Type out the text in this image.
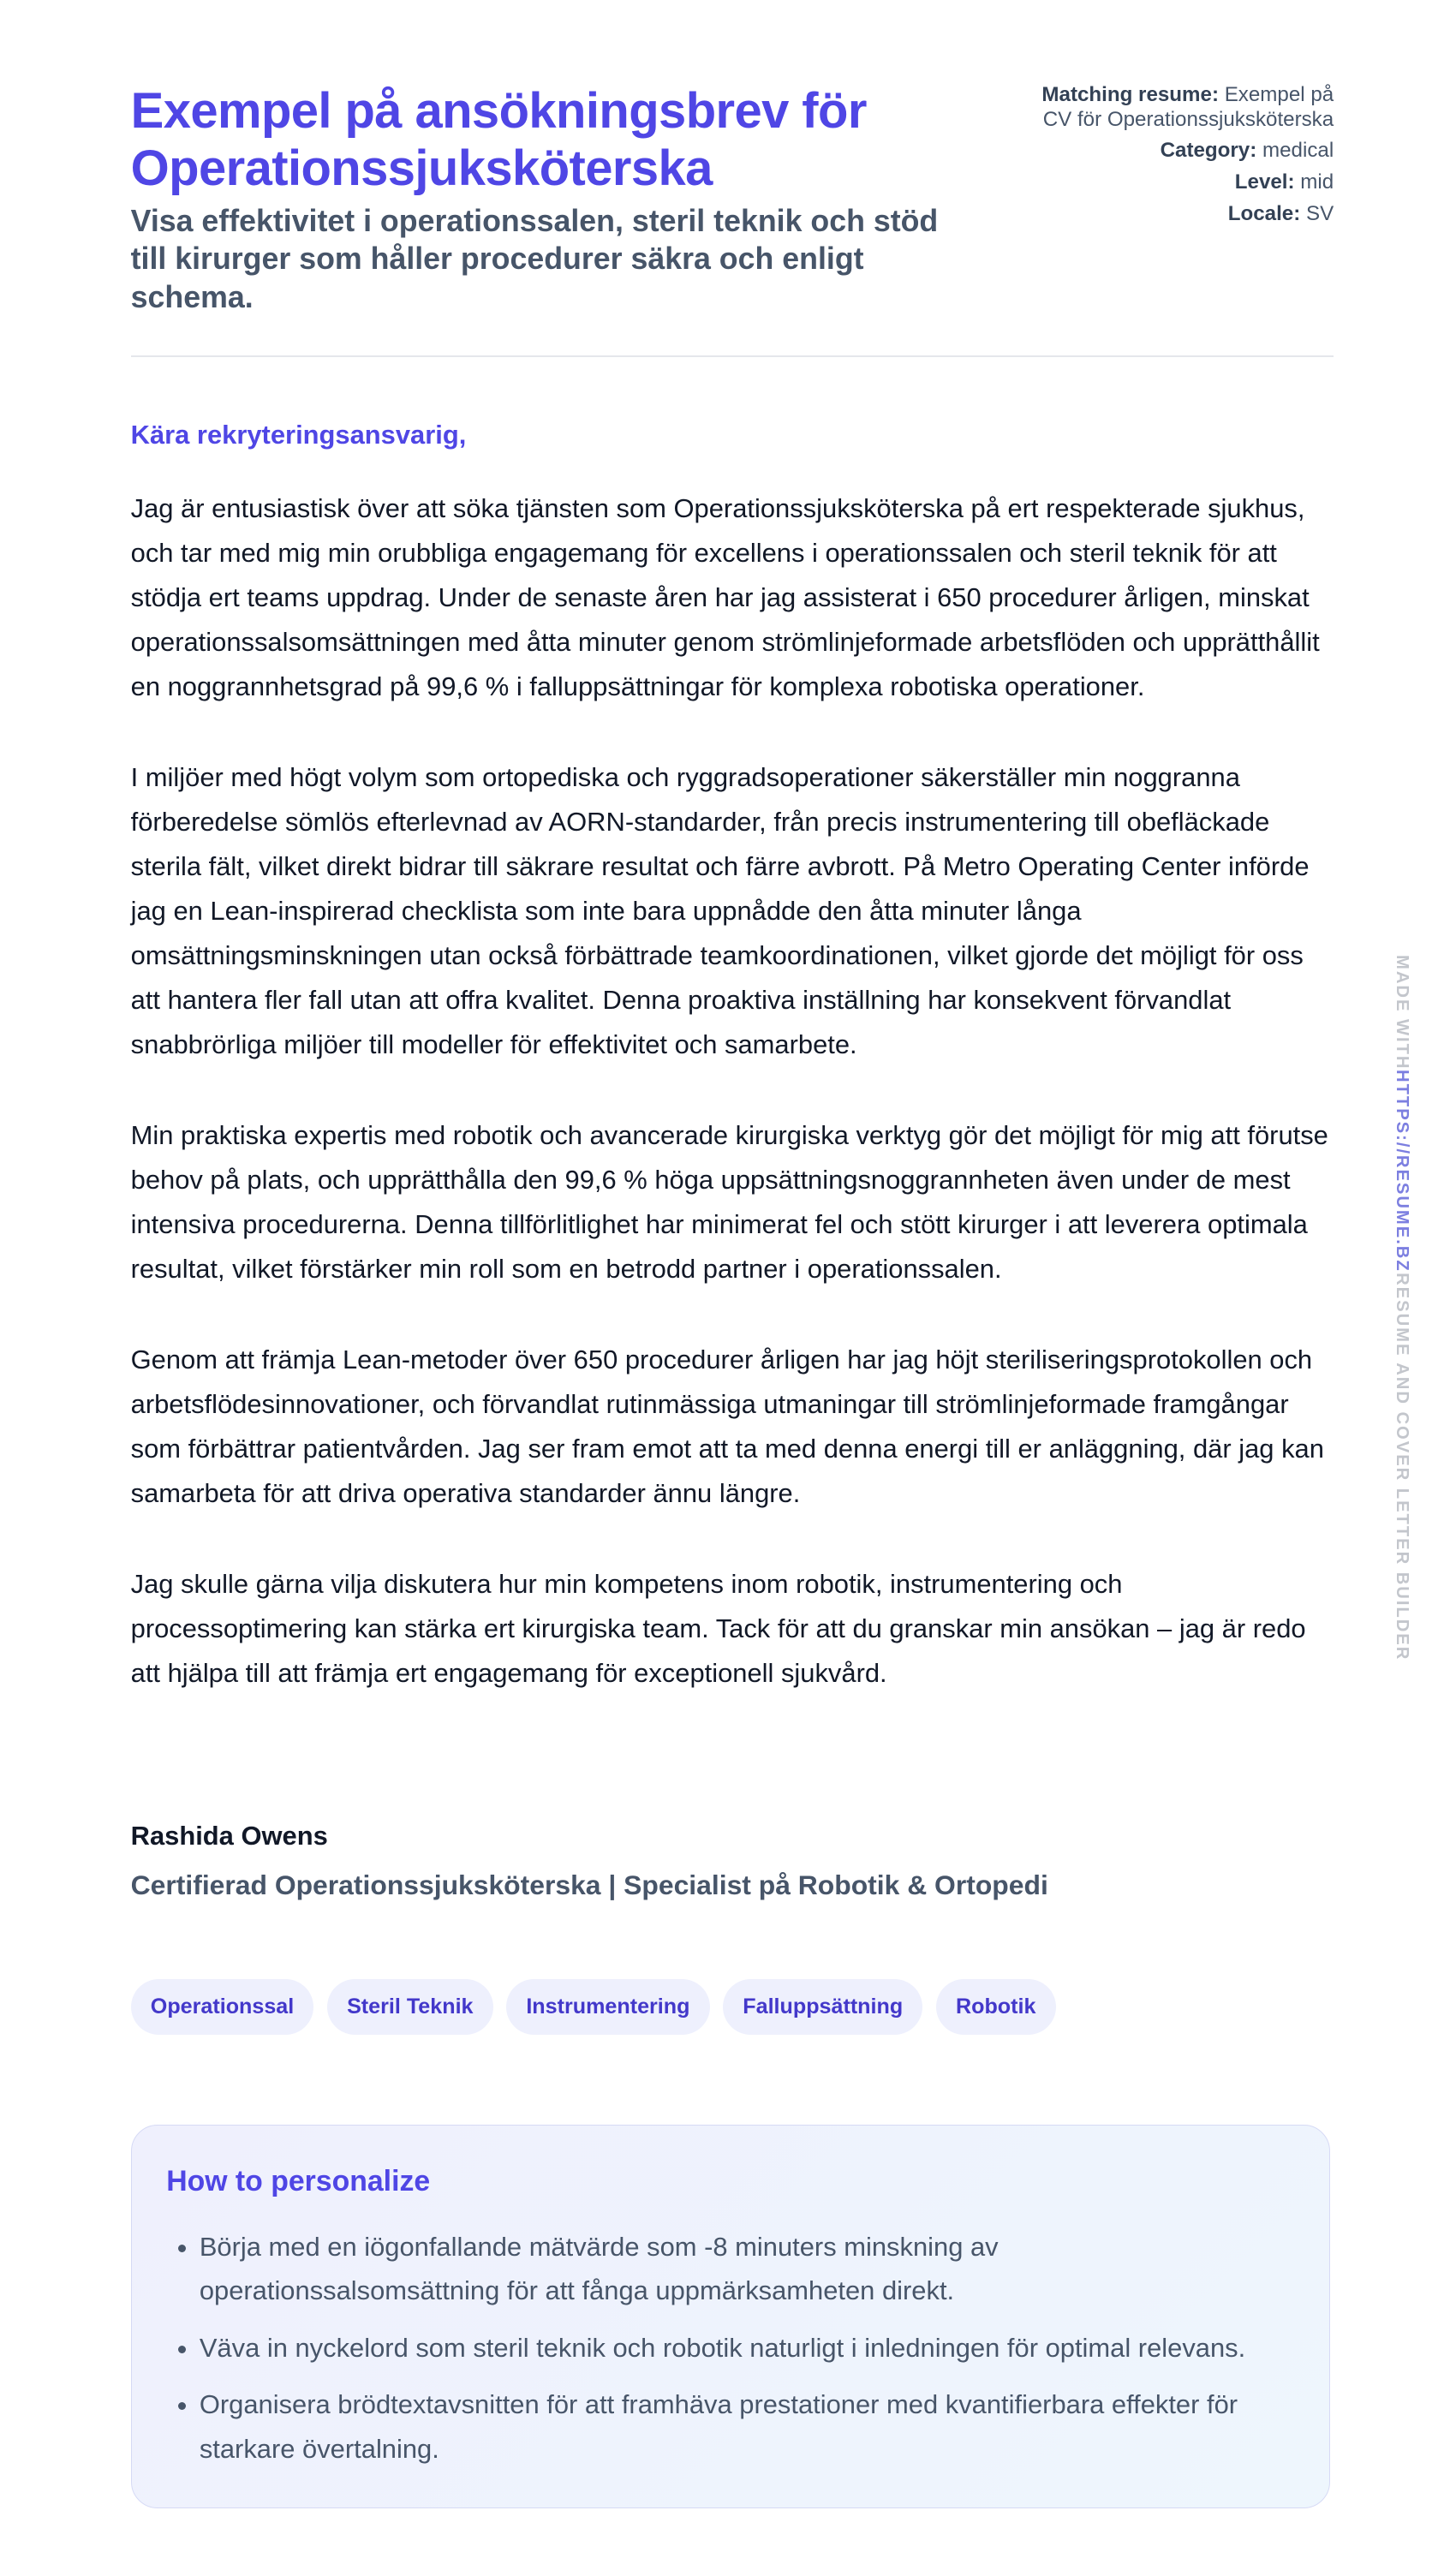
Exempel på ansökningsbrev för Operationssjuksköterska

Visa effektivitet i operationssalen, steril teknik och stöd till kirurger som håller procedurer säkra och enligt schema.

Matching resume: Exempel på CV för Operationssjuksköterska
Category: medical
Level: mid
Locale: SV

Kära rekryteringsansvarig,

Jag är entusiastisk över att söka tjänsten som Operationssjuksköterska på ert respekterade sjukhus, och tar med mig min orubbliga engagemang för excellens i operationssalen och steril teknik för att stödja ert teams uppdrag. Under de senaste åren har jag assisterat i 650 procedurer årligen, minskat operationssalsomsättningen med åtta minuter genom strömlinjeformade arbetsflöden och upprätthållit en noggrannhetsgrad på 99,6 % i falluppsättningar för komplexa robotiska operationer.

I miljöer med högt volym som ortopediska och ryggradsoperationer säkerställer min noggranna förberedelse sömlös efterlevnad av AORN-standarder, från precis instrumentering till obefläckade sterila fält, vilket direkt bidrar till säkrare resultat och färre avbrott. På Metro Operating Center införde jag en Lean-inspirerad checklista som inte bara uppnådde den åtta minuter långa omsättningsminskningen utan också förbättrade teamkoordinationen, vilket gjorde det möjligt för oss att hantera fler fall utan att offra kvalitet. Denna proaktiva inställning har konsekvent förvandlat snabbrörliga miljöer till modeller för effektivitet och samarbete.

Min praktiska expertis med robotik och avancerade kirurgiska verktyg gör det möjligt för mig att förutse behov på plats, och upprätthålla den 99,6 % höga uppsättningsnoggrannheten även under de mest intensiva procedurerna. Denna tillförlitlighet har minimerat fel och stött kirurger i att leverera optimala resultat, vilket förstärker min roll som en betrodd partner i operationssalen.

Genom att främja Lean-metoder över 650 procedurer årligen har jag höjt steriliseringsprotokollen och arbetsflödesinnovationer, och förvandlat rutinmässiga utmaningar till strömlinjeformade framgångar som förbättrar patientvården. Jag ser fram emot att ta med denna energi till er anläggning, där jag kan samarbeta för att driva operativa standarder ännu längre.

Jag skulle gärna vilja diskutera hur min kompetens inom robotik, instrumentering och processoptimering kan stärka ert kirurgiska team. Tack för att du granskar min ansökan – jag är redo att hjälpa till att främja ert engagemang för exceptionell sjukvård.

Rashida Owens
Certifierad Operationssjuksköterska | Specialist på Robotik & Ortopedi
Operationssal	Steril Teknik	Instrumentering	Falluppsättning	Robotik
How to personalize
• Börja med en iögonfallande mätvärde som -8 minuters minskning av operationssalsomsättning för att fånga uppmärksamheten direkt.
• Väva in nyckelord som steril teknik och robotik naturligt i inledningen för optimal relevans.
• Organisera brödtextavsnitten för att framhäva prestationer med kvantifierbara effekter för starkare övertalning.
MADE WITHHTTPS://RESUME.BZRESUME AND COVER LETTER BUILDER
